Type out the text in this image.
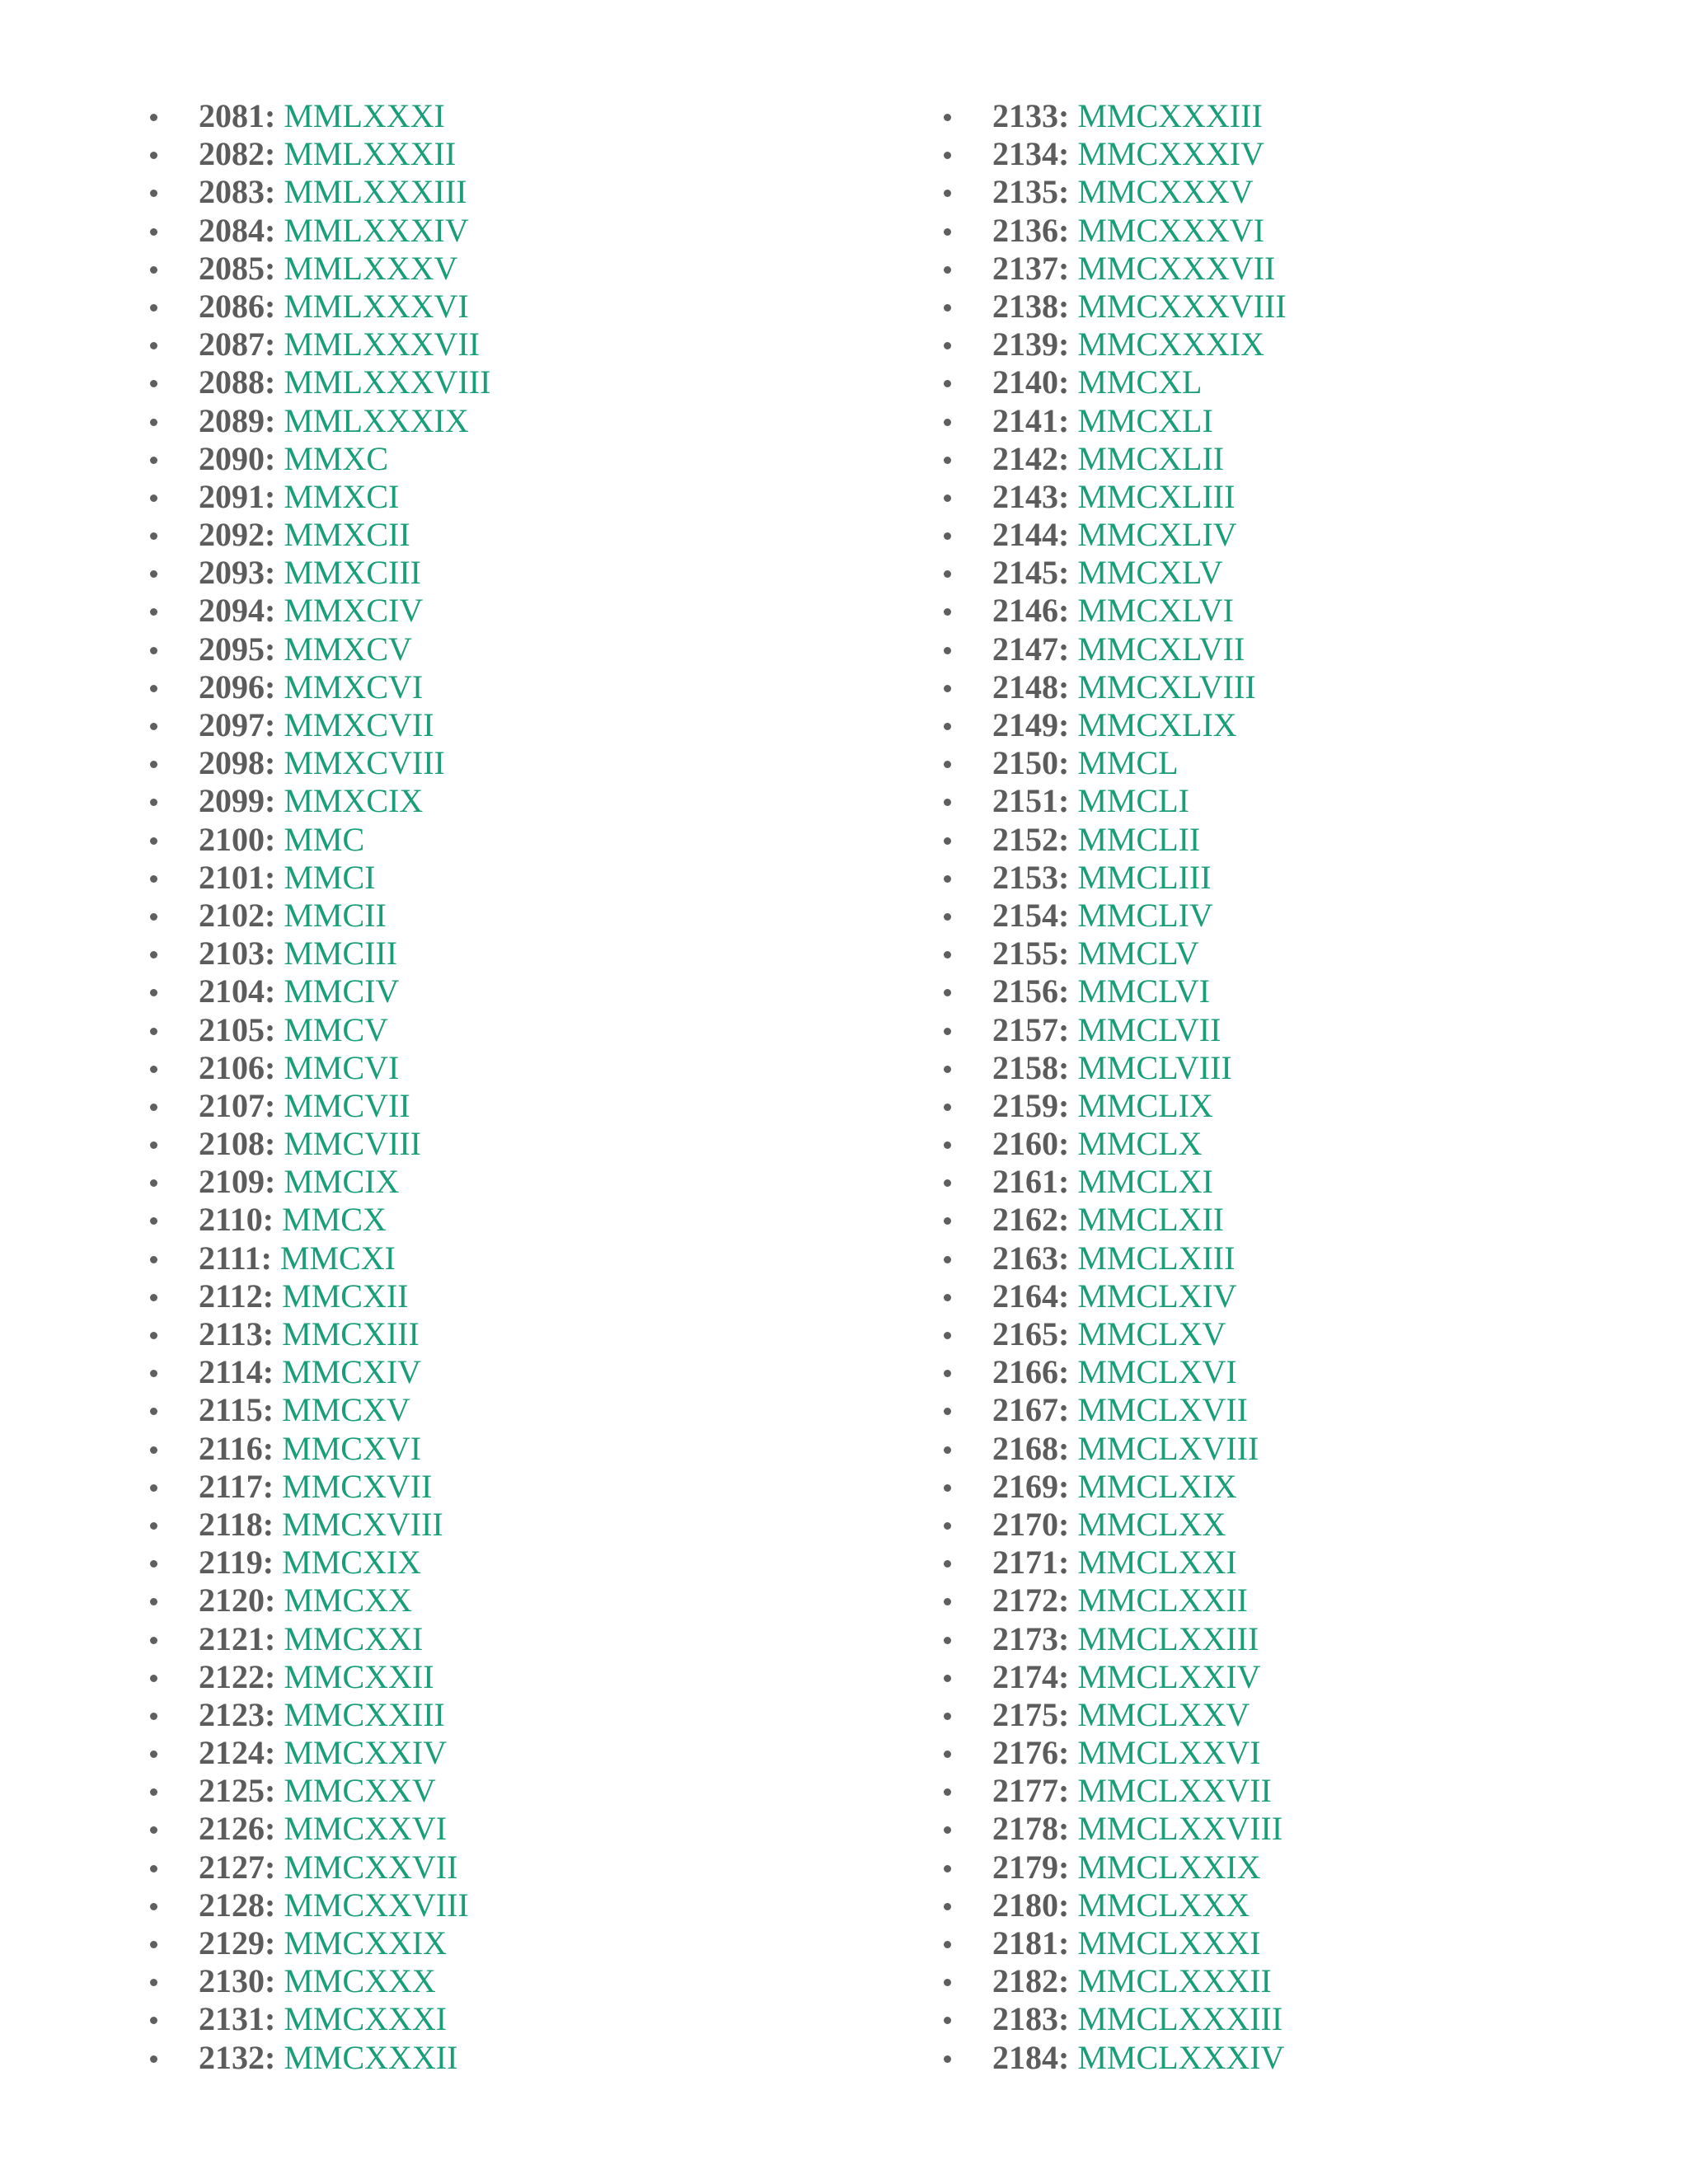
2081: MMLXXXI
2082: MMLXXXII
2083: MMLXXXIII
2084: MMLXXXIV
2085: MMLXXXV
2086: MMLXXXVI
2087: MMLXXXVII
2088: MMLXXXVIII
2089: MMLXXXIX
2090: MMXC
2091: MMXCI
2092: MMXCII
2093: MMXCIII
2094: MMXCIV
2095: MMXCV
2096: MMXCVI
2097: MMXCVII
2098: MMXCVIII
2099: MMXCIX
2100: MMC
2101: MMCI
2102: MMCII
2103: MMCIII
2104: MMCIV
2105: MMCV
2106: MMCVI
2107: MMCVII
2108: MMCVIII
2109: MMCIX
2110: MMCX
2111: MMCXI
2112: MMCXII
2113: MMCXIII
2114: MMCXIV
2115: MMCXV
2116: MMCXVI
2117: MMCXVII
2118: MMCXVIII
2119: MMCXIX
2120: MMCXX
2121: MMCXXI
2122: MMCXXII
2123: MMCXXIII
2124: MMCXXIV
2125: MMCXXV
2126: MMCXXVI
2127: MMCXXVII
2128: MMCXXVIII
2129: MMCXXIX
2130: MMCXXX
2131: MMCXXXI
2132: MMCXXXII
2133: MMCXXXIII
2134: MMCXXXIV
2135: MMCXXXV
2136: MMCXXXVI
2137: MMCXXXVII
2138: MMCXXXVIII
2139: MMCXXXIX
2140: MMCXL
2141: MMCXLI
2142: MMCXLII
2143: MMCXLIII
2144: MMCXLIV
2145: MMCXLV
2146: MMCXLVI
2147: MMCXLVII
2148: MMCXLVIII
2149: MMCXLIX
2150: MMCL
2151: MMCLI
2152: MMCLII
2153: MMCLIII
2154: MMCLIV
2155: MMCLV
2156: MMCLVI
2157: MMCLVII
2158: MMCLVIII
2159: MMCLIX
2160: MMCLX
2161: MMCLXI
2162: MMCLXII
2163: MMCLXIII
2164: MMCLXIV
2165: MMCLXV
2166: MMCLXVI
2167: MMCLXVII
2168: MMCLXVIII
2169: MMCLXIX
2170: MMCLXX
2171: MMCLXXI
2172: MMCLXXII
2173: MMCLXXIII
2174: MMCLXXIV
2175: MMCLXXV
2176: MMCLXXVI
2177: MMCLXXVII
2178: MMCLXXVIII
2179: MMCLXXIX
2180: MMCLXXX
2181: MMCLXXXI
2182: MMCLXXXII
2183: MMCLXXXIII
2184: MMCLXXXIV
